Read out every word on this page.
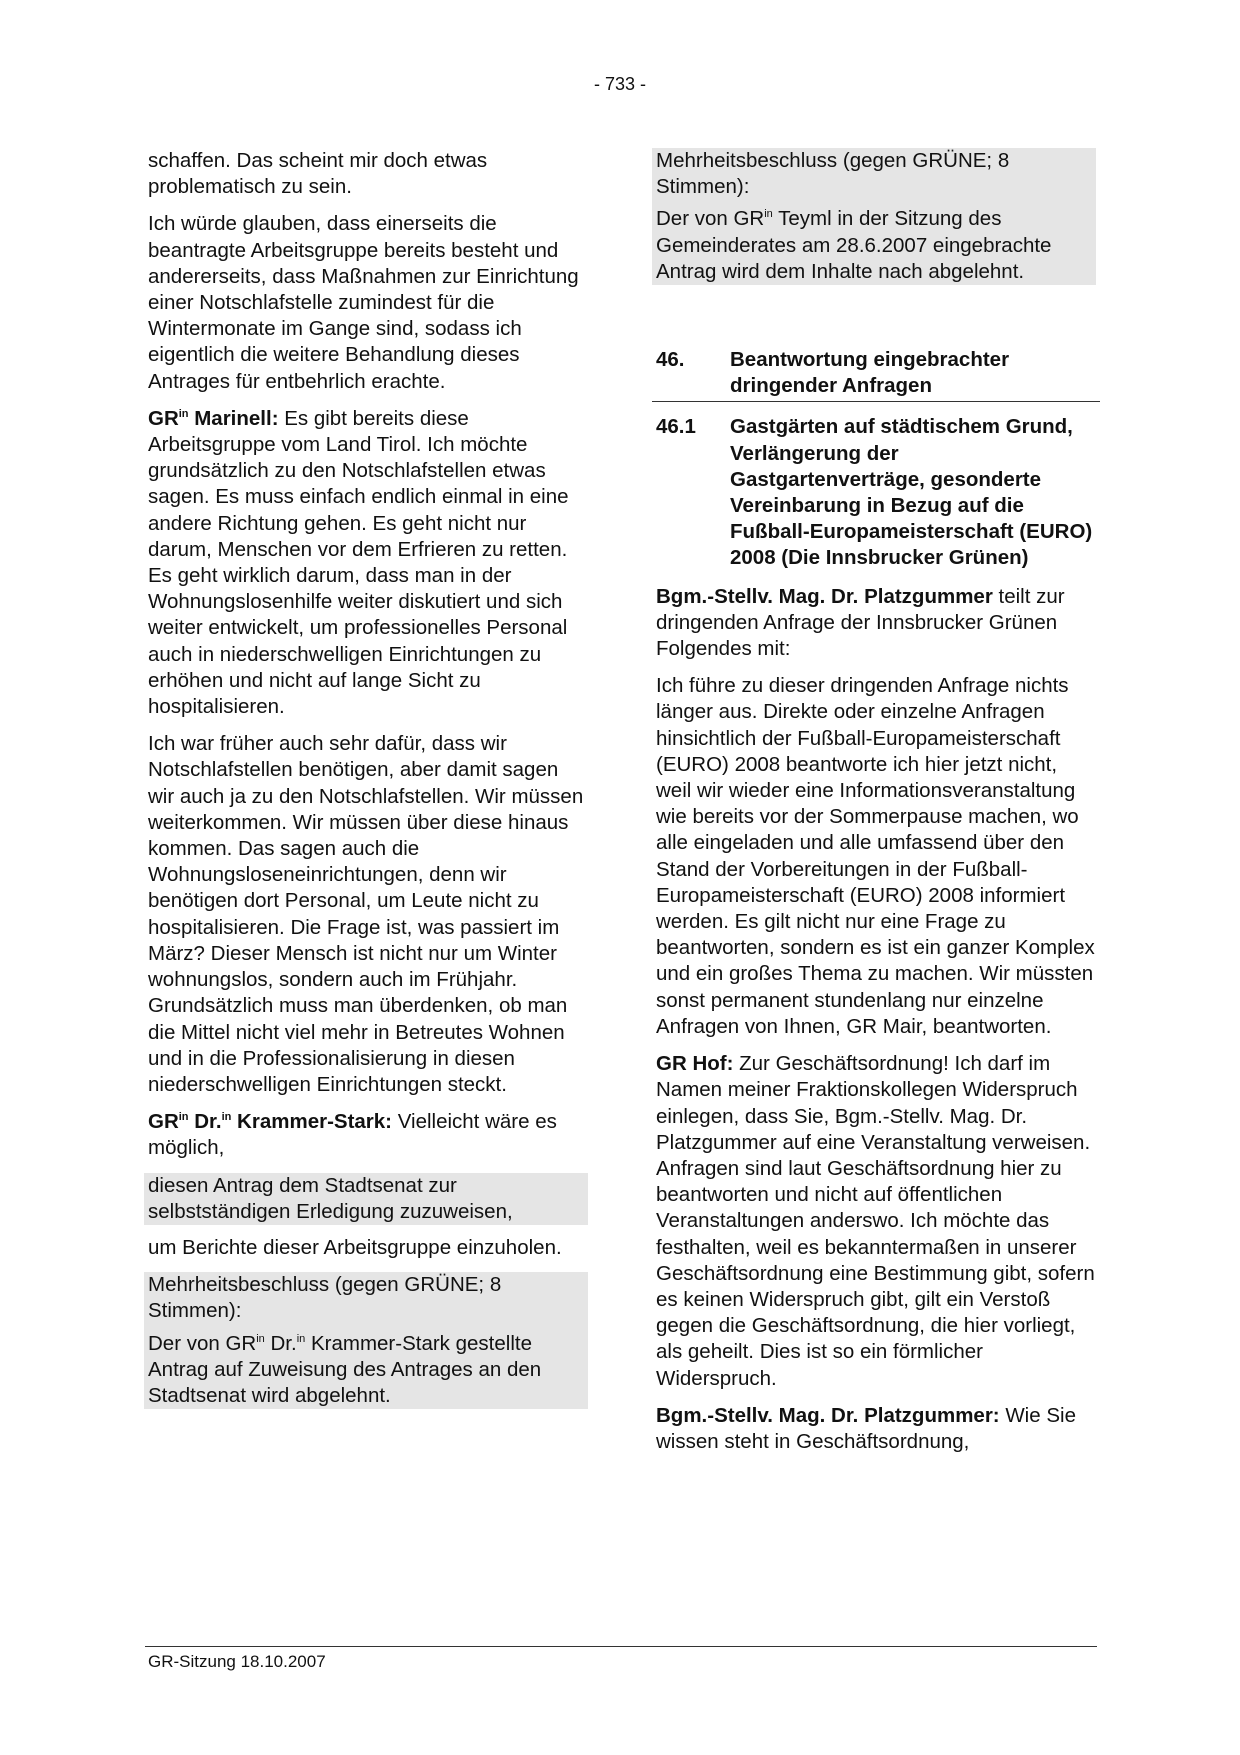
- 733 -

schaffen. Das scheint mir doch etwas problematisch zu sein.

Ich würde glauben, dass einerseits die beantragte Arbeitsgruppe bereits besteht und andererseits, dass Maßnahmen zur Einrichtung einer Notschlafstelle zumindest für die Wintermonate im Gange sind, sodass ich eigentlich die weitere Behandlung dieses Antrages für entbehrlich erachte.

$GR^{in}$ Marinell: Es gibt bereits diese Arbeitsgruppe vom Land Tirol. Ich möchte grundsätzlich zu den Notschlafstellen etwas sagen. Es muss einfach endlich einmal in eine andere Richtung gehen. Es geht nicht nur darum, Menschen vor dem Erfrieren zu retten. Es geht wirklich darum, dass man in der Wohnungslosenhilfe weiter diskutiert und sich weiter entwickelt, um professionelles Personal auch in niederschwelligen Einrichtungen zu erhöhen und nicht auf lange Sicht zu hospitalisieren.

Ich war früher auch sehr dafür, dass wir Notschlafstellen benötigen, aber damit sagen wir auch ja zu den Notschlafstellen. Wir müssen weiterkommen. Wir müssen über diese hinaus kommen. Das sagen auch die Wohnungsloseneinrichtungen, denn wir benötigen dort Personal, um Leute nicht zu hospitalisieren. Die Frage ist, was passiert im März? Dieser Mensch ist nicht nur um Winter wohnungslos, sondern auch im Frühjahr. Grundsätzlich muss man überdenken, ob man die Mittel nicht viel mehr in Betreutes Wohnen und in die Professionalisierung in diesen niederschwelligen Einrichtungen steckt.

$GR^{in}$ Dr.$^{in}$ Krammer-Stark: Vielleicht wäre es möglich,

diesen Antrag dem Stadtsenat zur selbstständigen Erledigung zuzuweisen,

um Berichte dieser Arbeitsgruppe einzuholen.

Mehrheitsbeschluss (gegen GRÜNE; 8 Stimmen):

Der von $GR^{in}$ Dr.$^{in}$ Krammer-Stark gestellte Antrag auf Zuweisung des Antrages an den Stadtsenat wird abgelehnt.

Mehrheitsbeschluss (gegen GRÜNE; 8 Stimmen):

Der von $GR^{in}$ Teyml in der Sitzung des Gemeinderates am 28.6.2007 eingebrachte Antrag wird dem Inhalte nach abgelehnt.

46.	Beantwortung eingebrachter dringender Anfragen
46.1	Gastgärten auf städtischem Grund, Verlängerung der Gastgartenverträge, gesonderte Vereinbarung in Bezug auf die Fußball-Europameisterschaft (EURO) 2008 (Die Innsbrucker Grünen)

Bgm.-Stellv. Mag. Dr. Platzgummer teilt zur dringenden Anfrage der Innsbrucker Grünen Folgendes mit:

Ich führe zu dieser dringenden Anfrage nichts länger aus. Direkte oder einzelne Anfragen hinsichtlich der Fußball-Europameisterschaft (EURO) 2008 beantworte ich hier jetzt nicht, weil wir wieder eine Informationsveranstaltung wie bereits vor der Sommerpause machen, wo alle eingeladen und alle umfassend über den Stand der Vorbereitungen in der Fußball-Europameisterschaft (EURO) 2008 informiert werden. Es gilt nicht nur eine Frage zu beantworten, sondern es ist ein ganzer Komplex und ein großes Thema zu machen. Wir müssten sonst permanent stundenlang nur einzelne Anfragen von Ihnen, GR Mair, beantworten.

GR Hof: Zur Geschäftsordnung! Ich darf im Namen meiner Fraktionskollegen Widerspruch einlegen, dass Sie, Bgm.-Stellv. Mag. Dr. Platzgummer auf eine Veranstaltung verweisen. Anfragen sind laut Geschäftsordnung hier zu beantworten und nicht auf öffentlichen Veranstaltungen anderswo. Ich möchte das festhalten, weil es bekanntermaßen in unserer Geschäftsordnung eine Bestimmung gibt, sofern es keinen Widerspruch gibt, gilt ein Verstoß gegen die Geschäftsordnung, die hier vorliegt, als geheilt. Dies ist so ein förmlicher Widerspruch.

Bgm.-Stellv. Mag. Dr. Platzgummer: Wie Sie wissen steht in Geschäftsordnung,

GR-Sitzung 18.10.2007
